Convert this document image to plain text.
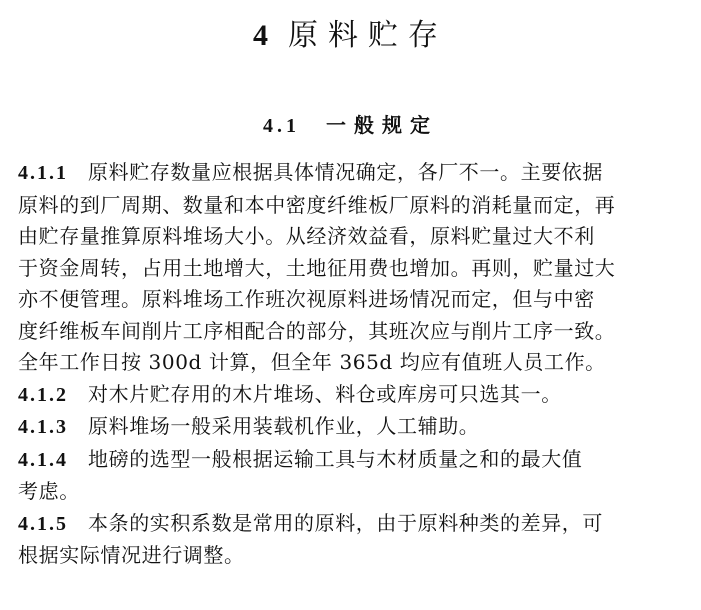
4 原料贮存
4.1 一般规定
4.1.1 原料贮存数量应根据具体情况确定，各厂不一。主要依据
原料的到厂周期、数量和本中密度纤维板厂原料的消耗量而定，再
由贮存量推算原料堆场大小。从经济效益看，原料贮量过大不利
于资金周转，占用土地增大，土地征用费也增加。再则，贮量过大
亦不便管理。原料堆场工作班次视原料进场情况而定，但与中密
度纤维板车间削片工序相配合的部分，其班次应与削片工序一致。
全年工作日按 300d 计算，但全年 365d 均应有值班人员工作。
4.1.2 对木片贮存用的木片堆场、料仓或库房可只选其一。
4.1.3 原料堆场一般采用装载机作业，人工辅助。
4.1.4 地磅的选型一般根据运输工具与木材质量之和的最大值
考虑。
4.1.5 本条的实积系数是常用的原料，由于原料种类的差异，可
根据实际情况进行调整。
